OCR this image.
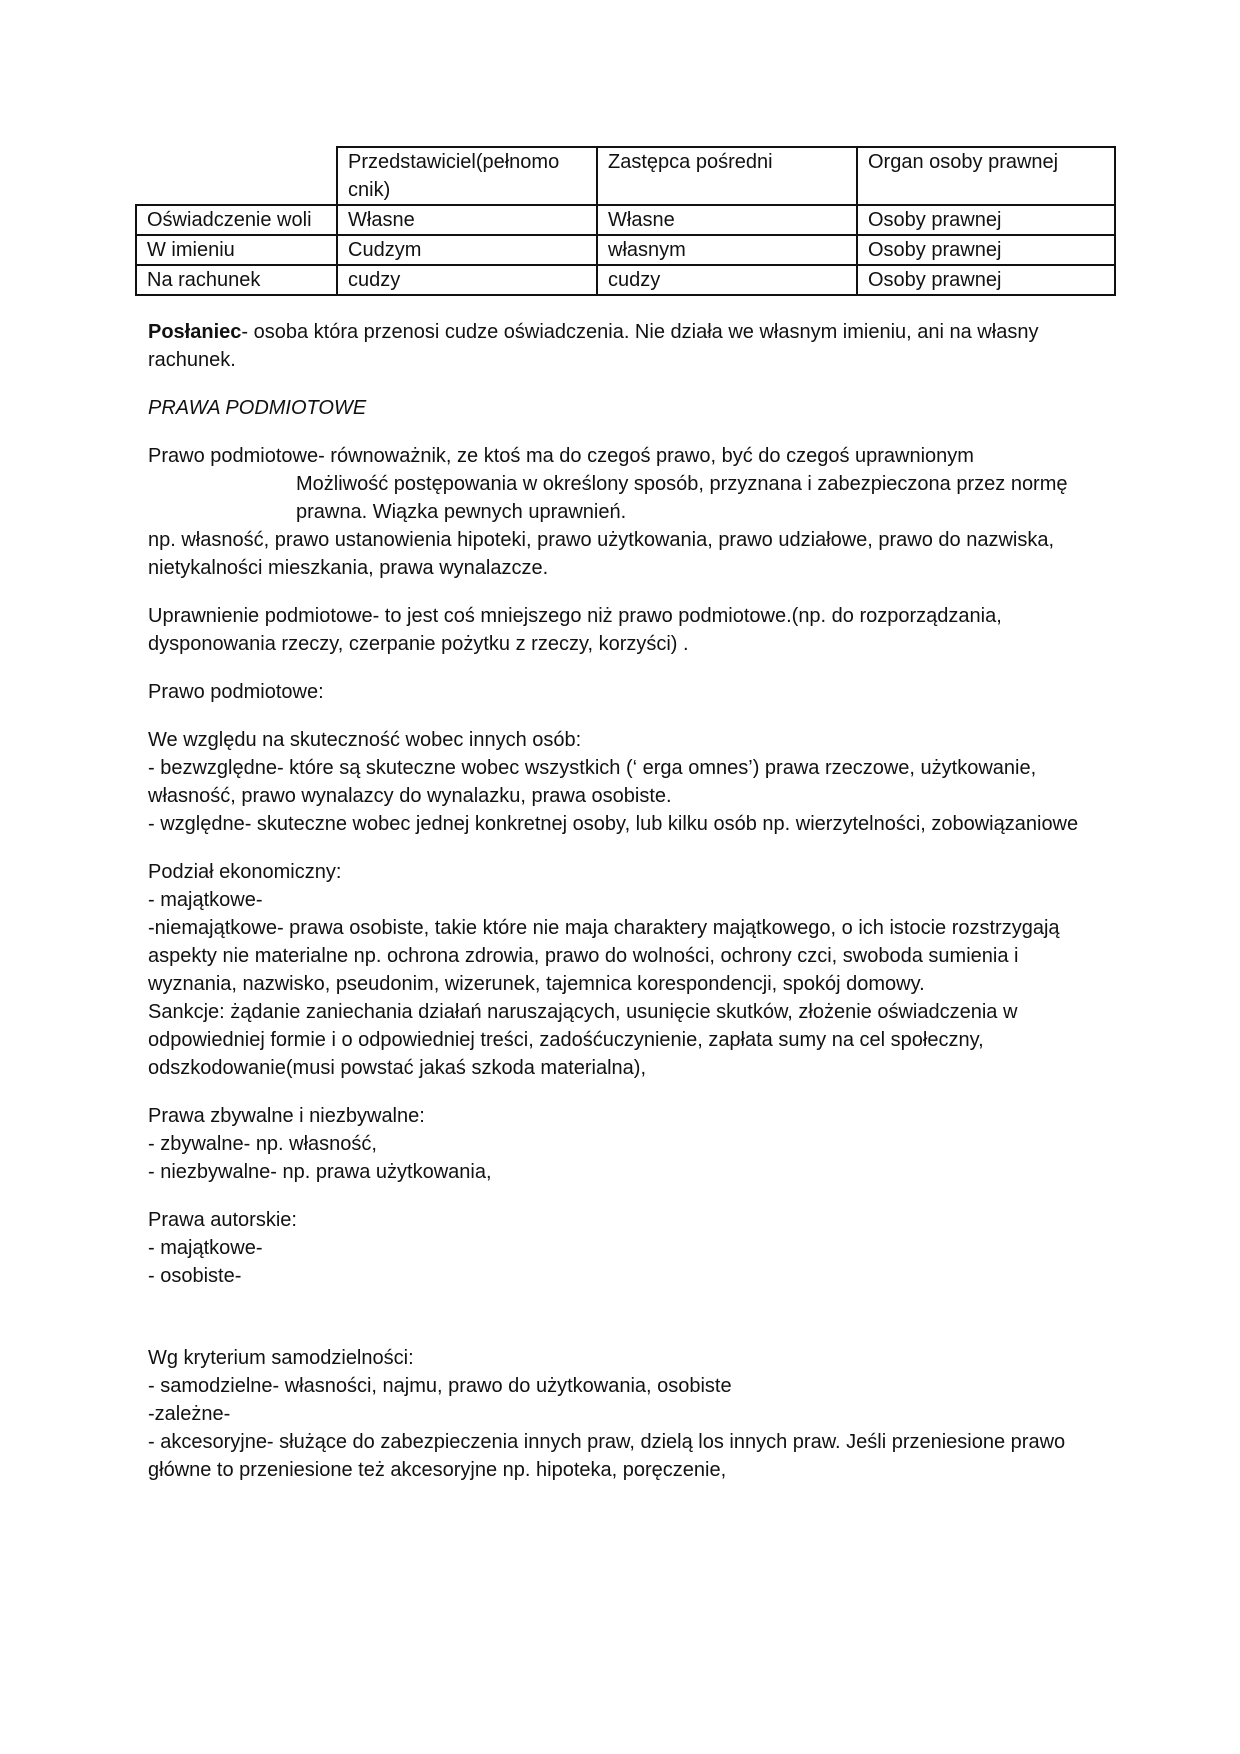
	Przedstawiciel(pełnomo cnik)	Zastępca pośredni	Organ osoby prawnej
Oświadczenie woli	Własne	Własne	Osoby prawnej
W imieniu	Cudzym	własnym	Osoby prawnej
Na rachunek	cudzy	cudzy	Osoby prawnej

Posłaniec- osoba która przenosi cudze oświadczenia. Nie działa we własnym imieniu, ani na własny rachunek.

PRAWA PODMIOTOWE

Prawo podmiotowe- równoważnik, ze ktoś ma do czegoś prawo, być do czegoś uprawnionym
Możliwość postępowania w określony sposób, przyznana i zabezpieczona przez normę prawna. Wiązka pewnych uprawnień.
np. własność, prawo ustanowienia hipoteki, prawo użytkowania, prawo udziałowe, prawo do nazwiska, nietykalności mieszkania, prawa wynalazcze.

Uprawnienie podmiotowe- to jest coś mniejszego niż prawo podmiotowe.(np. do rozporządzania, dysponowania rzeczy, czerpanie pożytku z rzeczy, korzyści) .

Prawo podmiotowe:

We względu na skuteczność wobec innych osób:
- bezwzględne- które są skuteczne wobec wszystkich (‘ erga omnes’) prawa rzeczowe, użytkowanie, własność, prawo wynalazcy do wynalazku, prawa osobiste.
- względne- skuteczne wobec jednej konkretnej osoby, lub kilku osób np. wierzytelności, zobowiązaniowe

Podział ekonomiczny:
- majątkowe-
-niemajątkowe- prawa osobiste, takie które nie maja charaktery majątkowego, o ich istocie rozstrzygają aspekty nie materialne np. ochrona zdrowia, prawo do wolności, ochrony czci, swoboda sumienia i wyznania, nazwisko, pseudonim, wizerunek, tajemnica korespondencji, spokój domowy.
Sankcje: żądanie zaniechania działań naruszających, usunięcie skutków, złożenie oświadczenia w odpowiedniej formie i o odpowiedniej treści, zadośćuczynienie, zapłata sumy na cel społeczny, odszkodowanie(musi powstać jakaś szkoda materialna),

Prawa zbywalne i niezbywalne:
- zbywalne- np. własność,
- niezbywalne- np. prawa użytkowania,

Prawa autorskie:
- majątkowe-
- osobiste-

Wg kryterium samodzielności:
- samodzielne- własności, najmu, prawo do użytkowania, osobiste
-zależne-
- akcesoryjne- służące do zabezpieczenia innych praw, dzielą los innych praw. Jeśli przeniesione prawo główne to przeniesione też akcesoryjne np. hipoteka, poręczenie,
